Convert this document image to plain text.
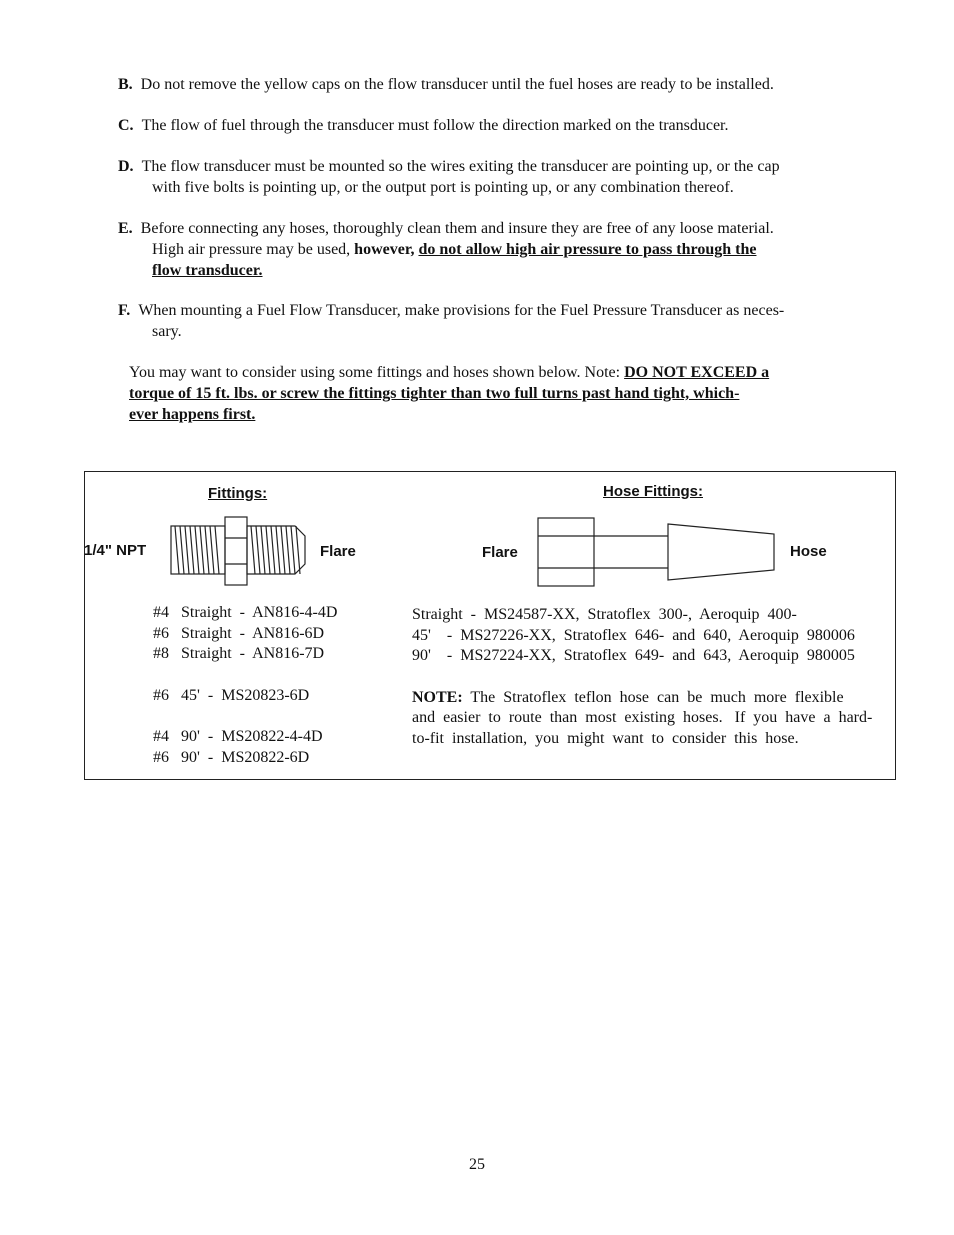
B. Do not remove the yellow caps on the flow transducer until the fuel hoses are ready to be installed.
C. The flow of fuel through the transducer must follow the direction marked on the transducer.
D. The flow transducer must be mounted so the wires exiting the transducer are pointing up, or the cap
with five bolts is pointing up, or the output port is pointing up, or any combination thereof.
E. Before connecting any hoses, thoroughly clean them and insure they are free of any loose material.
High air pressure may be used, however, do not allow high air pressure to pass through the
flow transducer.
F. When mounting a Fuel Flow Transducer, make provisions for the Fuel Pressure Transducer as neces-
sary.
You may want to consider using some fittings and hoses shown below. Note: DO NOT EXCEED a
torque of 15 ft. lbs. or screw the fittings tighter than two full turns past hand tight, which-
ever happens first.
Fittings:	Hose Fittings:
1/4" NPT	Flare	Flare	Hose
#4   Straight  -  AN816-4-4D
#6   Straight  -  AN816-6D
#8   Straight  -  AN816-7D
#6   45'  -  MS20823-6D
#4   90'  -  MS20822-4-4D
#6   90'  -  MS20822-6D
Straight  -  MS24587-XX,  Stratoflex  300-,  Aeroquip  400-
45'    -  MS27226-XX,  Stratoflex  646-  and  640,  Aeroquip  980006
90'    -  MS27224-XX,  Stratoflex  649-  and  643,  Aeroquip  980005
NOTE: The  Stratoflex  teflon  hose  can  be  much  more  flexible
and  easier  to  route  than  most  existing  hoses.   If  you  have  a  hard-
to-fit  installation,  you  might  want  to  consider  this  hose.
25
